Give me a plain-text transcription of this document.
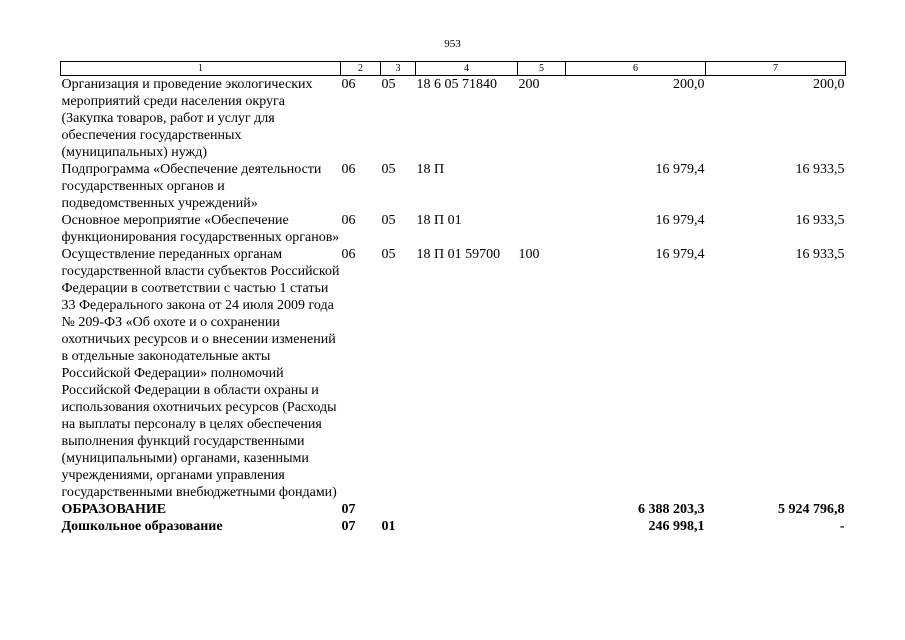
953
1	2	3	4	5	6	7
Организация и проведение экологических мероприятий среди населения округа (Закупка товаров, работ и услуг для обеспечения государственных (муниципальных) нужд)	06	05	18 6 05 71840	200	200,0	200,0
Подпрограмма «Обеспечение деятельности государственных органов и подведомственных учреждений»	06	05	18 П		16 979,4	16 933,5
Основное мероприятие «Обеспечение функционирования государственных органов»	06	05	18 П 01		16 979,4	16 933,5
Осуществление переданных органам государственной власти субъектов Российской Федерации в соответствии с частью 1 статьи 33 Федерального закона от 24 июля 2009 года № 209-ФЗ «Об охоте и о сохранении охотничьих ресурсов и о внесении изменений в отдельные законодательные акты Российской Федерации» полномочий Российской Федерации в области охраны и использования охотничьих ресурсов (Расходы на выплаты персоналу в целях обеспечения выполнения функций государственными (муниципальными) органами, казенными учреждениями, органами управления государственными внебюджетными фондами)	06	05	18 П 01 59700	100	16 979,4	16 933,5
ОБРАЗОВАНИЕ	07				6 388 203,3	5 924 796,8
Дошкольное образование	07	01			246 998,1	-
